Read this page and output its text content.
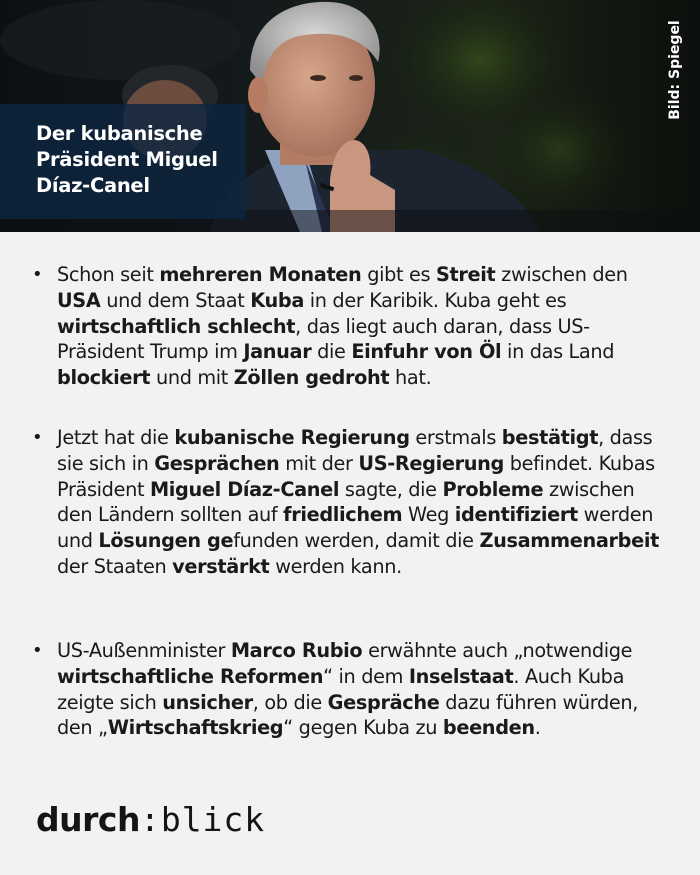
Der kubanische Präsident Miguel Díaz-Canel
Bild: Spiegel
• Schon seit mehreren Monaten gibt es Streit zwischen den USA und dem Staat Kuba in der Karibik. Kuba geht es wirtschaftlich schlecht, das liegt auch daran, dass US-Präsident Trump im Januar die Einfuhr von Öl in das Land blockiert und mit Zöllen gedroht hat.
• Jetzt hat die kubanische Regierung erstmals bestätigt, dass sie sich in Gesprächen mit der US-Regierung befindet. Kubas Präsident Miguel Díaz-Canel sagte, die Probleme zwischen den Ländern sollten auf friedlichem Weg identifiziert werden und Lösungen gefunden werden, damit die Zusammenarbeit der Staaten verstärkt werden kann.
• US-Außenminister Marco Rubio erwähnte auch „notwendige wirtschaftliche Reformen“ in dem Inselstaat. Auch Kuba zeigte sich unsicher, ob die Gespräche dazu führen würden, den „Wirtschaftskrieg“ gegen Kuba zu beenden.
durch:blick
